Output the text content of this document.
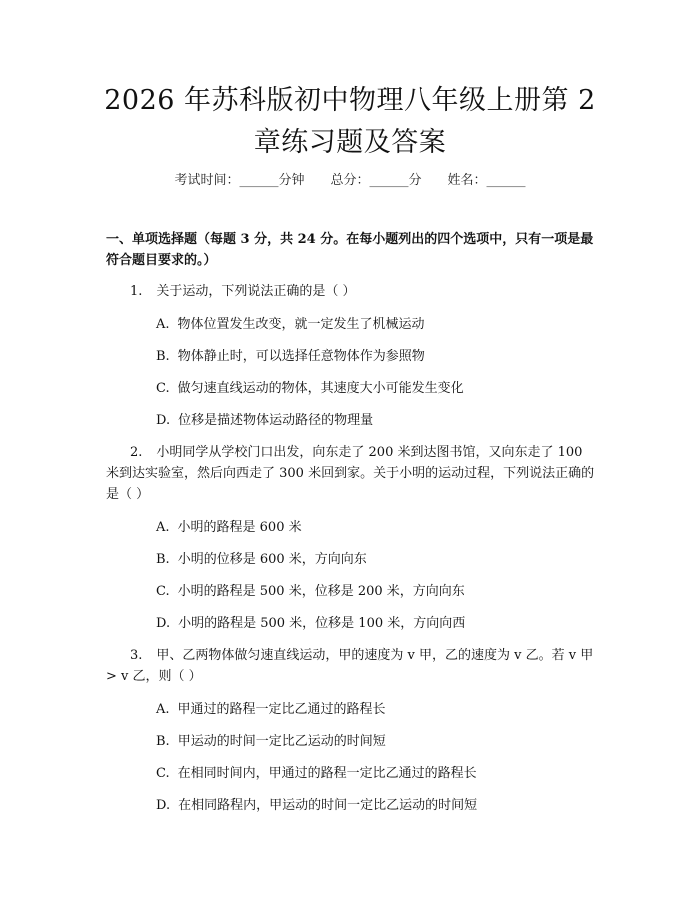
2026 年苏科版初中物理八年级上册第 2 章练习题及答案
考试时间：______分钟 总分：______分 姓名：______
一、单项选择题（每题 3 分，共 24 分。在每小题列出的四个选项中，只有一项是最符合题目要求的。）

1. 关于运动，下列说法正确的是（ ）

A. 物体位置发生改变，就一定发生了机械运动

B. 物体静止时，可以选择任意物体作为参照物

C. 做匀速直线运动的物体，其速度大小可能发生变化

D. 位移是描述物体运动路径的物理量

2. 小明同学从学校门口出发，向东走了 200 米到达图书馆，又向东走了 100 米到达实验室，然后向西走了 300 米回到家。关于小明的运动过程，下列说法正确的是（ ）

A. 小明的路程是 600 米

B. 小明的位移是 600 米，方向向东

C. 小明的路程是 500 米，位移是 200 米，方向向东

D. 小明的路程是 500 米，位移是 100 米，方向向西

3. 甲、乙两物体做匀速直线运动，甲的速度为 v 甲，乙的速度为 v 乙。若 v 甲 > v 乙，则（ ）

A. 甲通过的路程一定比乙通过的路程长

B. 甲运动的时间一定比乙运动的时间短

C. 在相同时间内，甲通过的路程一定比乙通过的路程长

D. 在相同路程内，甲运动的时间一定比乙运动的时间短
